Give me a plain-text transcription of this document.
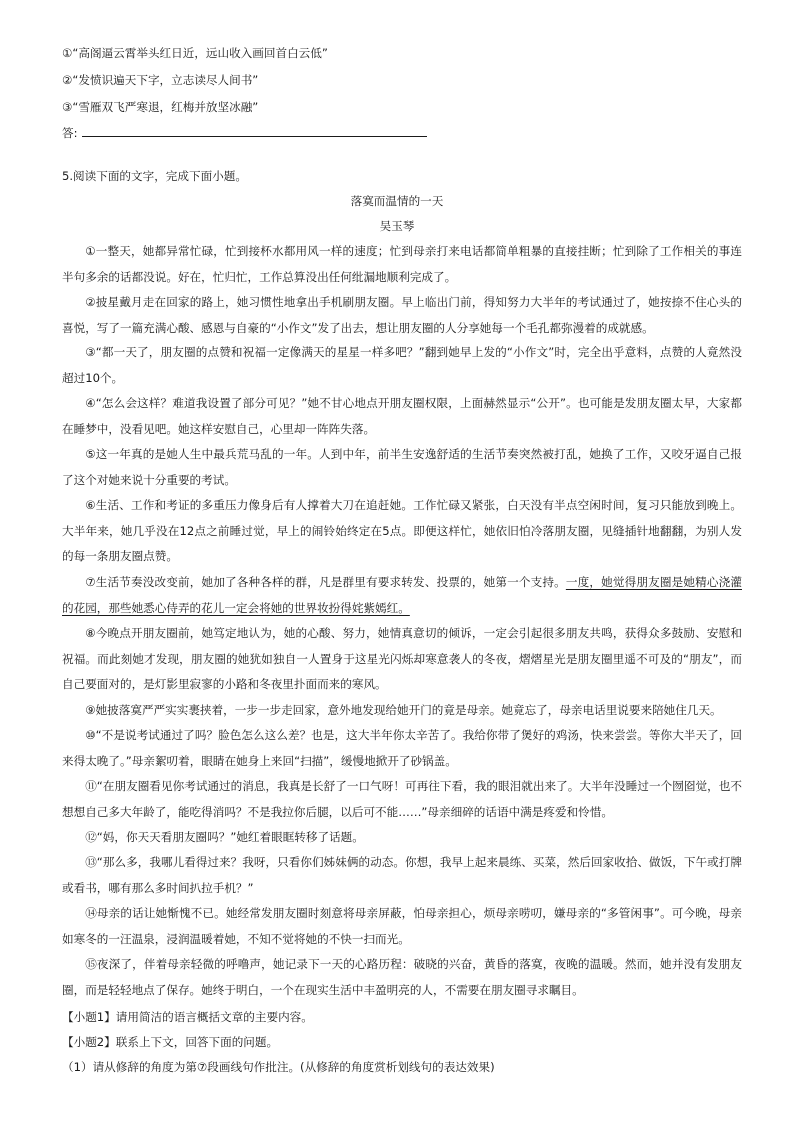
①“高阁逼云霄举头红日近，远山收入画回首白云低”
②“发愤识遍天下字，立志读尽人间书”
③“雪雁双飞严寒退，红梅并放坚冰融”
答:
5.阅读下面的文字，完成下面小题。
落寞而温情的一天
吴玉琴
①一整天，她都异常忙碌，忙到接杯水都用风一样的速度；忙到母亲打来电话都简单粗暴的直接挂断；忙到除了工作相关的事连半句多余的话都没说。好在，忙归忙，工作总算没出任何纰漏地顺利完成了。
②披星戴月走在回家的路上，她习惯性地拿出手机刷朋友圈。早上临出门前，得知努力大半年的考试通过了，她按捺不住心头的喜悦，写了一篇充满心酸、感恩与自豪的“小作文”发了出去，想让朋友圈的人分享她每一个毛孔都弥漫着的成就感。
③“都一天了，朋友圈的点赞和祝福一定像满天的星星一样多吧？”翻到她早上发的“小作文”时，完全出乎意料，点赞的人竟然没超过10个。
④“怎么会这样？难道我设置了部分可见？”她不甘心地点开朋友圈权限，上面赫然显示“公开”。也可能是发朋友圈太早，大家都在睡梦中，没看见吧。她这样安慰自己，心里却一阵阵失落。
⑤这一年真的是她人生中最兵荒马乱的一年。人到中年，前半生安逸舒适的生活节奏突然被打乱，她换了工作，又咬牙逼自己报了这个对她来说十分重要的考试。
⑥生活、工作和考证的多重压力像身后有人撑着大刀在追赶她。工作忙碌又紧张，白天没有半点空闲时间，复习只能放到晚上。大半年来，她几乎没在12点之前睡过觉，早上的闹铃始终定在5点。即便这样忙，她依旧怕冷落朋友圈，见缝插针地翻翻，为别人发的每一条朋友圈点赞。
⑦生活节奏没改变前，她加了各种各样的群，凡是群里有要求转发、投票的，她第一个支持。一度，她觉得朋友圈是她精心浇灌的花园，那些她悉心侍弄的花儿一定会将她的世界妆扮得姹紫嫣红。
⑧今晚点开朋友圈前，她笃定地认为，她的心酸、努力，她情真意切的倾诉，一定会引起很多朋友共鸣，获得众多鼓励、安慰和祝福。而此刻她才发现，朋友圈的她犹如独自一人置身于这星光闪烁却寒意袭人的冬夜，熠熠星光是朋友圈里遥不可及的“朋友”，而自己要面对的，是灯影里寂寥的小路和冬夜里扑面而来的寒风。
⑨她披落寞严严实实裹挟着，一步一步走回家，意外地发现给她开门的竟是母亲。她竟忘了，母亲电话里说要来陪她住几天。
⑩“不是说考试通过了吗？脸色怎么这么差？也是，这大半年你太辛苦了。我给你带了煲好的鸡汤，快来尝尝。等你大半天了，回来得太晚了。”母亲絮叨着，眼睛在她身上来回“扫描”，缓慢地掀开了砂锅盖。
⑪“在朋友圈看见你考试通过的消息，我真是长舒了一口气呀！可再往下看，我的眼泪就出来了。大半年没睡过一个囫囵觉，也不想想自己多大年龄了，能吃得消吗？不是我拉你后腿，以后可不能……”母亲细碎的话语中满是疼爱和怜惜。
⑫“妈，你天天看朋友圈吗？”她红着眼眶转移了话题。
⑬“那么多，我哪儿看得过来？我呀，只看你们姊妹俩的动态。你想，我早上起来晨练、买菜，然后回家收拾、做饭，下午或打牌或看书，哪有那么多时间扒拉手机？”
⑭母亲的话让她惭愧不已。她经常发朋友圈时刻意将母亲屏蔽，怕母亲担心，烦母亲唠叨，嫌母亲的“多管闲事”。可今晚，母亲如寒冬的一汪温泉，浸润温暖着她，不知不觉将她的不快一扫而光。
⑮夜深了，伴着母亲轻微的呼噜声，她记录下一天的心路历程：破晓的兴奋，黄昏的落寞，夜晚的温暖。然而，她并没有发朋友圈，而是轻轻地点了保存。她终于明白，一个在现实生活中丰盈明亮的人，不需要在朋友圈寻求瞩目。
【小题1】请用简洁的语言概括文章的主要内容。
【小题2】联系上下文，回答下面的问题。
（1）请从修辞的角度为第⑦段画线句作批注。(从修辞的角度赏析划线句的表达效果)
